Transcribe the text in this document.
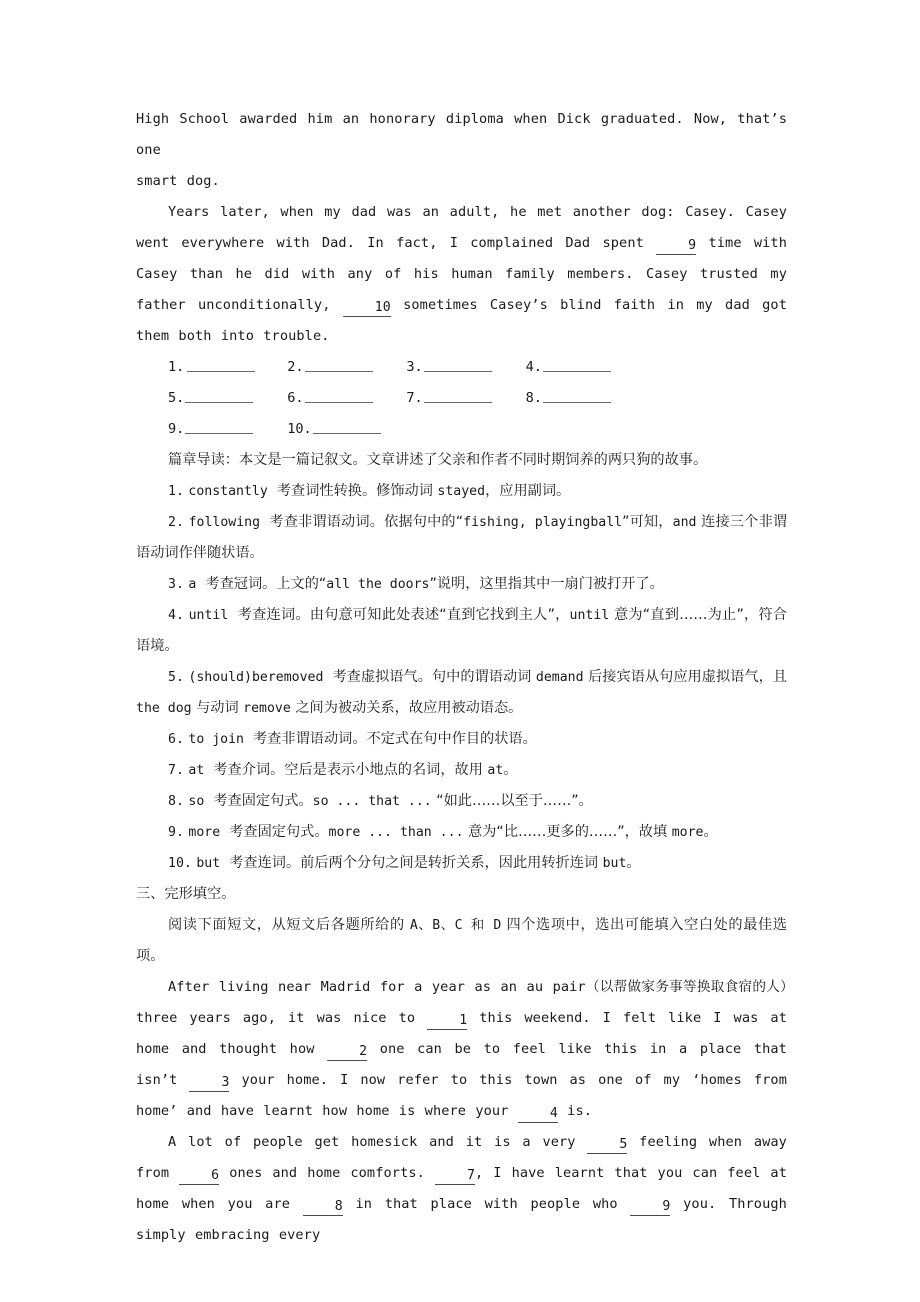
High School awarded him an honorary diploma when Dick graduated. Now, that’s one
smart dog.
Years later, when my dad was an adult, he met another dog: Casey. Casey went everywhere with Dad. In fact, I complained Dad spent	9 time with Casey than he did with any of his human family members. Casey trusted my father unconditionally,	10 sometimes Casey’s blind faith in my dad got them both into trouble.
1.	2.	3.	4.
5.	6.	7.	8.
9.	10.
篇章导读：本文是一篇记叙文。文章讲述了父亲和作者不同时期饲养的两只狗的故事。
1. constantly 考查词性转换。修饰动词 stayed，应用副词。
2. following 考查非谓语动词。依据句中的“fishing, playingball”可知，and 连接三个非谓语动词作伴随状语。
3. a 考查冠词。上文的“all the doors”说明，这里指其中一扇门被打开了。
4. until 考查连词。由句意可知此处表述“直到它找到主人”，until 意为“直到……为止”，符合语境。
5. (should)beremoved 考查虚拟语气。句中的谓语动词 demand 后接宾语从句应用虚拟语气，且 the dog 与动词 remove 之间为被动关系，故应用被动语态。
6. to join 考查非谓语动词。不定式在句中作目的状语。
7. at 考查介词。空后是表示小地点的名词，故用 at。
8. so 考查固定句式。so ... that ... “如此……以至于……”。
9. more 考查固定句式。more ... than ... 意为“比……更多的……”，故填 more。
10. but 考查连词。前后两个分句之间是转折关系，因此用转折连词 but。
三、完形填空。
阅读下面短文，从短文后各题所给的 A、B、C 和 D 四个选项中，选出可能填入空白处的最佳选项。
After living near Madrid for a year as an au pair（以帮做家务事等换取食宿的人）three years ago, it was nice to	1 this weekend. I felt like I was at home and thought how	2 one can be to feel like this in a place that isn’t	3 your home. I now refer to this town as one of my ‘homes from home’ and have learnt how home is where your	4 is.
A lot of people get homesick and it is a very	5 feeling when away from	6 ones and home comforts.	7, I have learnt that you can feel at home when you are	8 in that place with people who	9 you. Through simply embracing every
